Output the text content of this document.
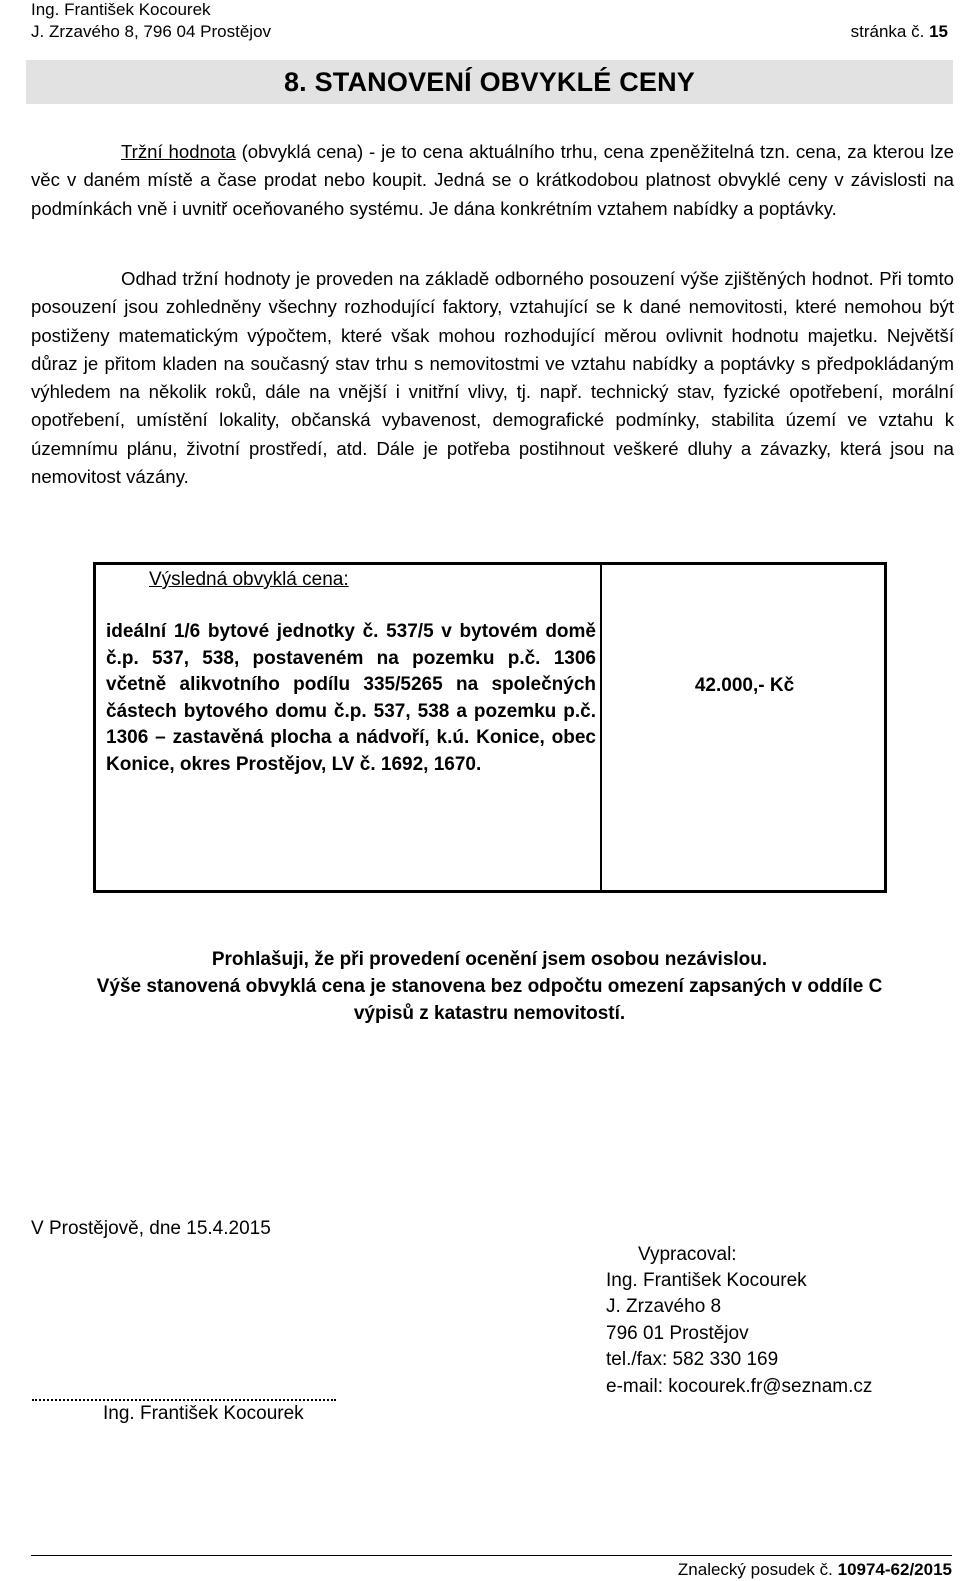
Ing. František Kocourek
J. Zrzavého 8, 796 04 Prostějov	stránka č. 15
8. STANOVENÍ OBVYKLÉ CENY

Tržní hodnota (obvyklá cena) - je to cena aktuálního trhu, cena zpeněžitelná tzn. cena, za kterou lze věc v daném místě a čase prodat nebo koupit. Jedná se o krátkodobou platnost obvyklé ceny v závislosti na podmínkách vně i uvnitř oceňovaného systému. Je dána konkrétním vztahem nabídky a poptávky.

Odhad tržní hodnoty je proveden na základě odborného posouzení výše zjištěných hodnot. Při tomto posouzení jsou zohledněny všechny rozhodující faktory, vztahující se k dané nemovitosti, které nemohou být postiženy matematickým výpočtem, které však mohou rozhodující měrou ovlivnit hodnotu majetku. Největší důraz je přitom kladen na současný stav trhu s nemovitostmi ve vztahu nabídky a poptávky s předpokládaným výhledem na několik roků, dále na vnější i vnitřní vlivy, tj. např. technický stav, fyzické opotřebení, morální opotřebení, umístění lokality, občanská vybavenost, demografické podmínky, stabilita území ve vztahu k územnímu plánu, životní prostředí, atd. Dále je potřeba postihnout veškeré dluhy a závazky, která jsou na nemovitost vázány.

Výsledná obvyklá cena:
ideální 1/6 bytové jednotky č. 537/5 v bytovém domě č.p. 537, 538, postaveném na pozemku p.č. 1306 včetně alikvotního podílu 335/5265 na společných částech bytového domu č.p. 537, 538 a pozemku p.č. 1306 – zastavěná plocha a nádvoří, k.ú. Konice, obec Konice, okres Prostějov, LV č. 1692, 1670.
42.000,- Kč
Prohlašuji, že při provedení ocenění jsem osobou nezávislou.
Výše stanovená obvyklá cena je stanovena bez odpočtu omezení zapsaných v oddíle C výpisů z katastru nemovitostí.
V Prostějově, dne 15.4.2015
Vypracoval:
Ing. František Kocourek
J. Zrzavého 8
796 01 Prostějov
tel./fax: 582 330 169
e-mail: kocourek.fr@seznam.cz
Ing. František Kocourek
Znalecký posudek č. 10974-62/2015
